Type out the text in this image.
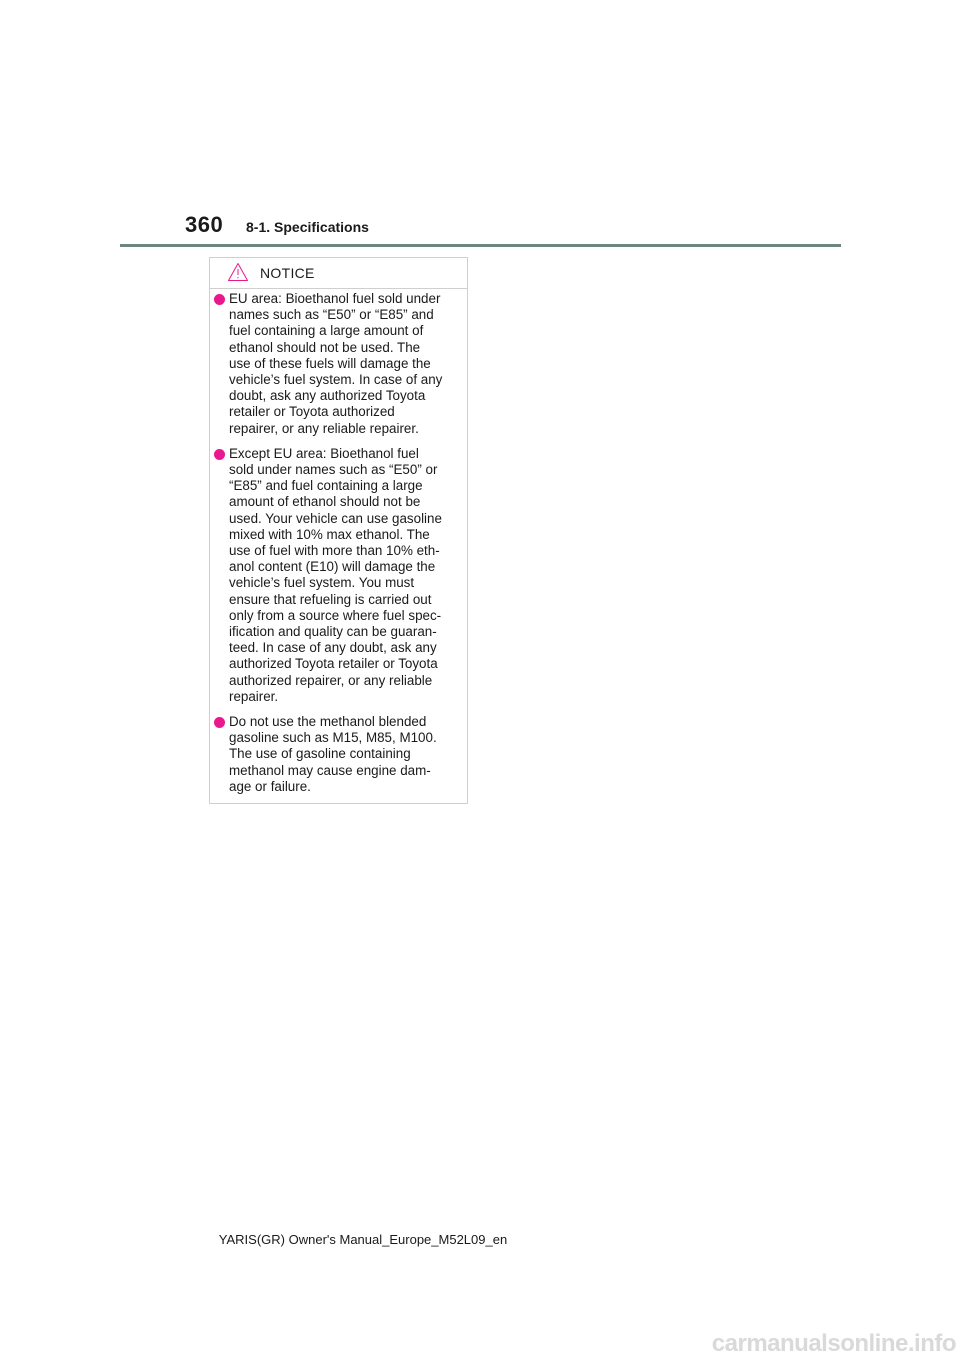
360 8-1. Specifications
NOTICE
EU area: Bioethanol fuel sold under
names such as “E50” or “E85” and
fuel containing a large amount of
ethanol should not be used. The
use of these fuels will damage the
vehicle’s fuel system. In case of any
doubt, ask any authorized Toyota
retailer or Toyota authorized
repairer, or any reliable repairer.
Except EU area: Bioethanol fuel
sold under names such as “E50” or
“E85” and fuel containing a large
amount of ethanol should not be
used. Your vehicle can use gasoline
mixed with 10% max ethanol. The
use of fuel with more than 10% eth-
anol content (E10) will damage the
vehicle’s fuel system. You must
ensure that refueling is carried out
only from a source where fuel spec-
ification and quality can be guaran-
teed. In case of any doubt, ask any
authorized Toyota retailer or Toyota
authorized repairer, or any reliable
repairer.
Do not use the methanol blended
gasoline such as M15, M85, M100.
The use of gasoline containing
methanol may cause engine dam-
age or failure.
YARIS(GR) Owner's Manual_Europe_M52L09_en
carmanualsonline.info
